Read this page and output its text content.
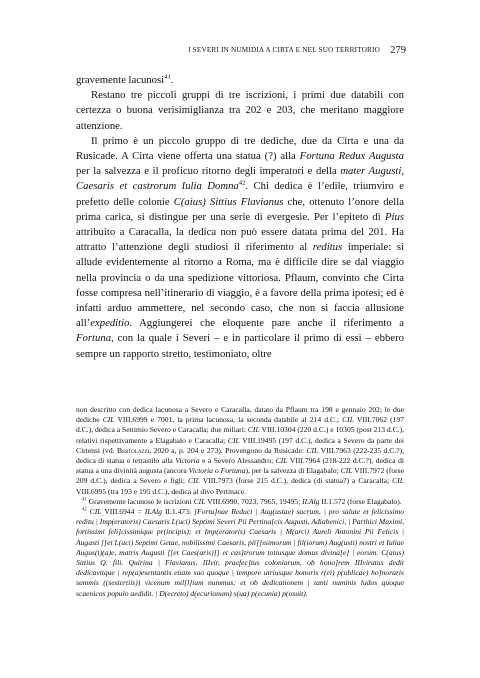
I SEVERI IN NUMIDIA A CIRTA E NEL SUO TERRITORIO 279

gravemente lacunosi$^{41}$.

Restano tre piccoli gruppi di tre iscrizioni, i primi due databili con certezza o buona verisimiglianza tra 202 e 203, che meritano maggiore attenzione.

Il primo è un piccolo gruppo di tre dediche, due da Cirta e una da Rusicade. A Cirta viene offerta una statua (?) alla Fortuna Redux Augusta per la salvezza e il proficuo ritorno degli imperatori e della mater Augusti, Caesaris et castrorum Iulia Domna$^{42}$. Chi dedica è l’edile, triumviro e prefetto delle colonie C(aius) Sittius Flavianus che, ottenuto l’onore della prima carica, si distingue per una serie di evergesie. Per l’epiteto di Pius attribuito a Caracalla, la dedica non può essere datata prima del 201. Ha attratto l’attenzione degli studiosi il riferimento al reditus imperiale: si allude evidentemente al ritorno a Roma, ma è difficile dire se dal viaggio nella provincia o da una spedizione vittoriosa. Pflaum, convinto che Cirta fosse compresa nell’itinerario di viaggio, è a favore della prima ipotesi; ed è infatti arduo ammettere, nel secondo caso, che non si faccia allusione all’expeditio. Aggiungerei che eloquente pare anche il riferimento a Fortuna, con la quale i Severi – e in particolare il primo di essi – ebbero sempre un rapporto stretto, testimoniato, oltre

non descritto con dedica lacunosa a Severo e Caracalla, datato da Pflaum tra 198 e gennaio 202; le due dediche CIL VIII.6999 e 7001, la prima lacunosa, la seconda databile al 214 d.C.; CIL VIII.7062 (197 d.C.), dedica a Settimio Severo e Caracalla; due miliari: CIL VIII.10304 (220 d.C.) e 10305 (post 213 d.C.), relativi rispettivamente a Elagabalo e Caracalla; CIL VIII.19495 (197 d.C.), dedica a Severo da parte dei Cirtensi (vd. Bertolazzi, 2020 a, p. 204 e 273). Provengono da Rusicade: CIL VIII.7963 (222-235 d.C.?), dedica di statua e tetrastilo alla Victoria e a Severo Alessandro; CIL VIII.7964 (218-222 d.C.?), dedica di statua a una divinità augusta (ancora Victoria o Fortuna), per la salvezza di Elagabalo; CIL VIII.7972 (forse 209 d.C.), dedica a Severo e figli; CIL VIII.7973 (forse 215 d.C.), dedica (di statua?) a Caracalla; CIL VIII.6995 (tra 193 e 195 d.C.), dedica al divo Pertinace.

$^{41}$ Gravemente lacunose le iscrizioni CIL VIII.6990, 7023, 7965, 19495; ILAlg II.1.572 (forse Elagabalo).

$^{42}$ CIL VIII.6944 = ILAlg II.1.473: [Fortu]nae Reduci | Aug(ustae) sacrum, | pro salute et felicissimo reditu | Imp(eratoris) Caesaris L(uci) Septimi Severi Pii Pertina[cis Augusti, Adiabenici, | Parthici Maximi, fortissimi feli]cissimique pr(incipis); et Imp(eratoris) Caesaris | M(arci) Aureli Antonini Pii Felicis | Augusti [[et L(uci) Septimi Getae, nobilissimi Caesaris, pii]]ssimorum | fil(iorum) Aug(usti) nostri et Iuliae Augus(t)(a)e, matris Augusti [[et Caes(aris)]] et cas]trorum totiusque domus divina[e] | eorum. C(aius) Sittius Q. fili. Quirina | Flavianus, IIIvir, praefec]tus coloniarum, ob hono]rem IIIviratus dedit dedicavitque | rep(a)esentantis etiam suo quoque | tempore utriusque honoris r(ei) p(ublicae) ho]noraris summis ((sestertiis)) vicenum mil[l]ium nummus; et ob dedicationem | tanti numinis ludos quoque scaenicos populo aedidit. | D(ecreto) d(ecurionum) s(ua) p(ecunia) p(osuit).
